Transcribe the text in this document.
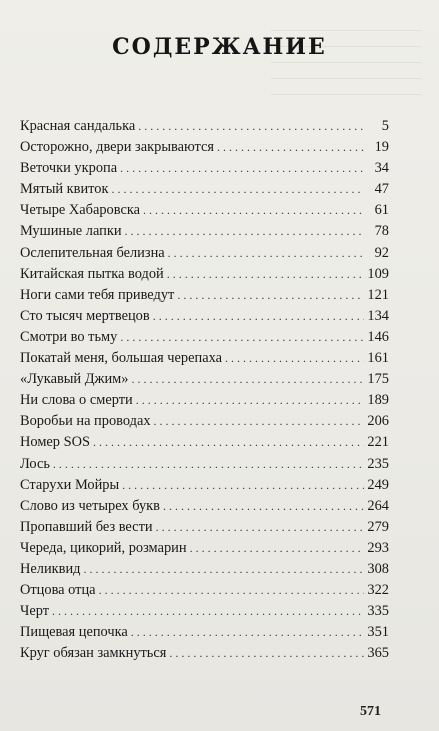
СОДЕРЖАНИЕ
Красная сандалька . . .	5
Осторожно, двери закрываются . . .	19
Веточки укропа . . .	34
Мятый квиток . . .	47
Четыре Хабаровска . . .	61
Мушиные лапки . . .	78
Ослепительная белизна . . .	92
Китайская пытка водой . . .	109
Ноги сами тебя приведут . . .	121
Сто тысяч мертвецов . . .	134
Смотри во тьму . . .	146
Покатай меня, большая черепаха . . .	161
«Лукавый Джим» . . .	175
Ни слова о смерти . . .	189
Воробьи на проводах . . .	206
Номер SOS . . .	221
Лось . . .	235
Старухи Мойры . . .	249
Слово из четырех букв . . .	264
Пропавший без вести . . .	279
Череда, цикорий, розмарин . . .	293
Неликвид . . .	308
Отцова отца . . .	322
Черт . . .	335
Пищевая цепочка . . .	351
Круг обязан замкнуться . . .	365
571
